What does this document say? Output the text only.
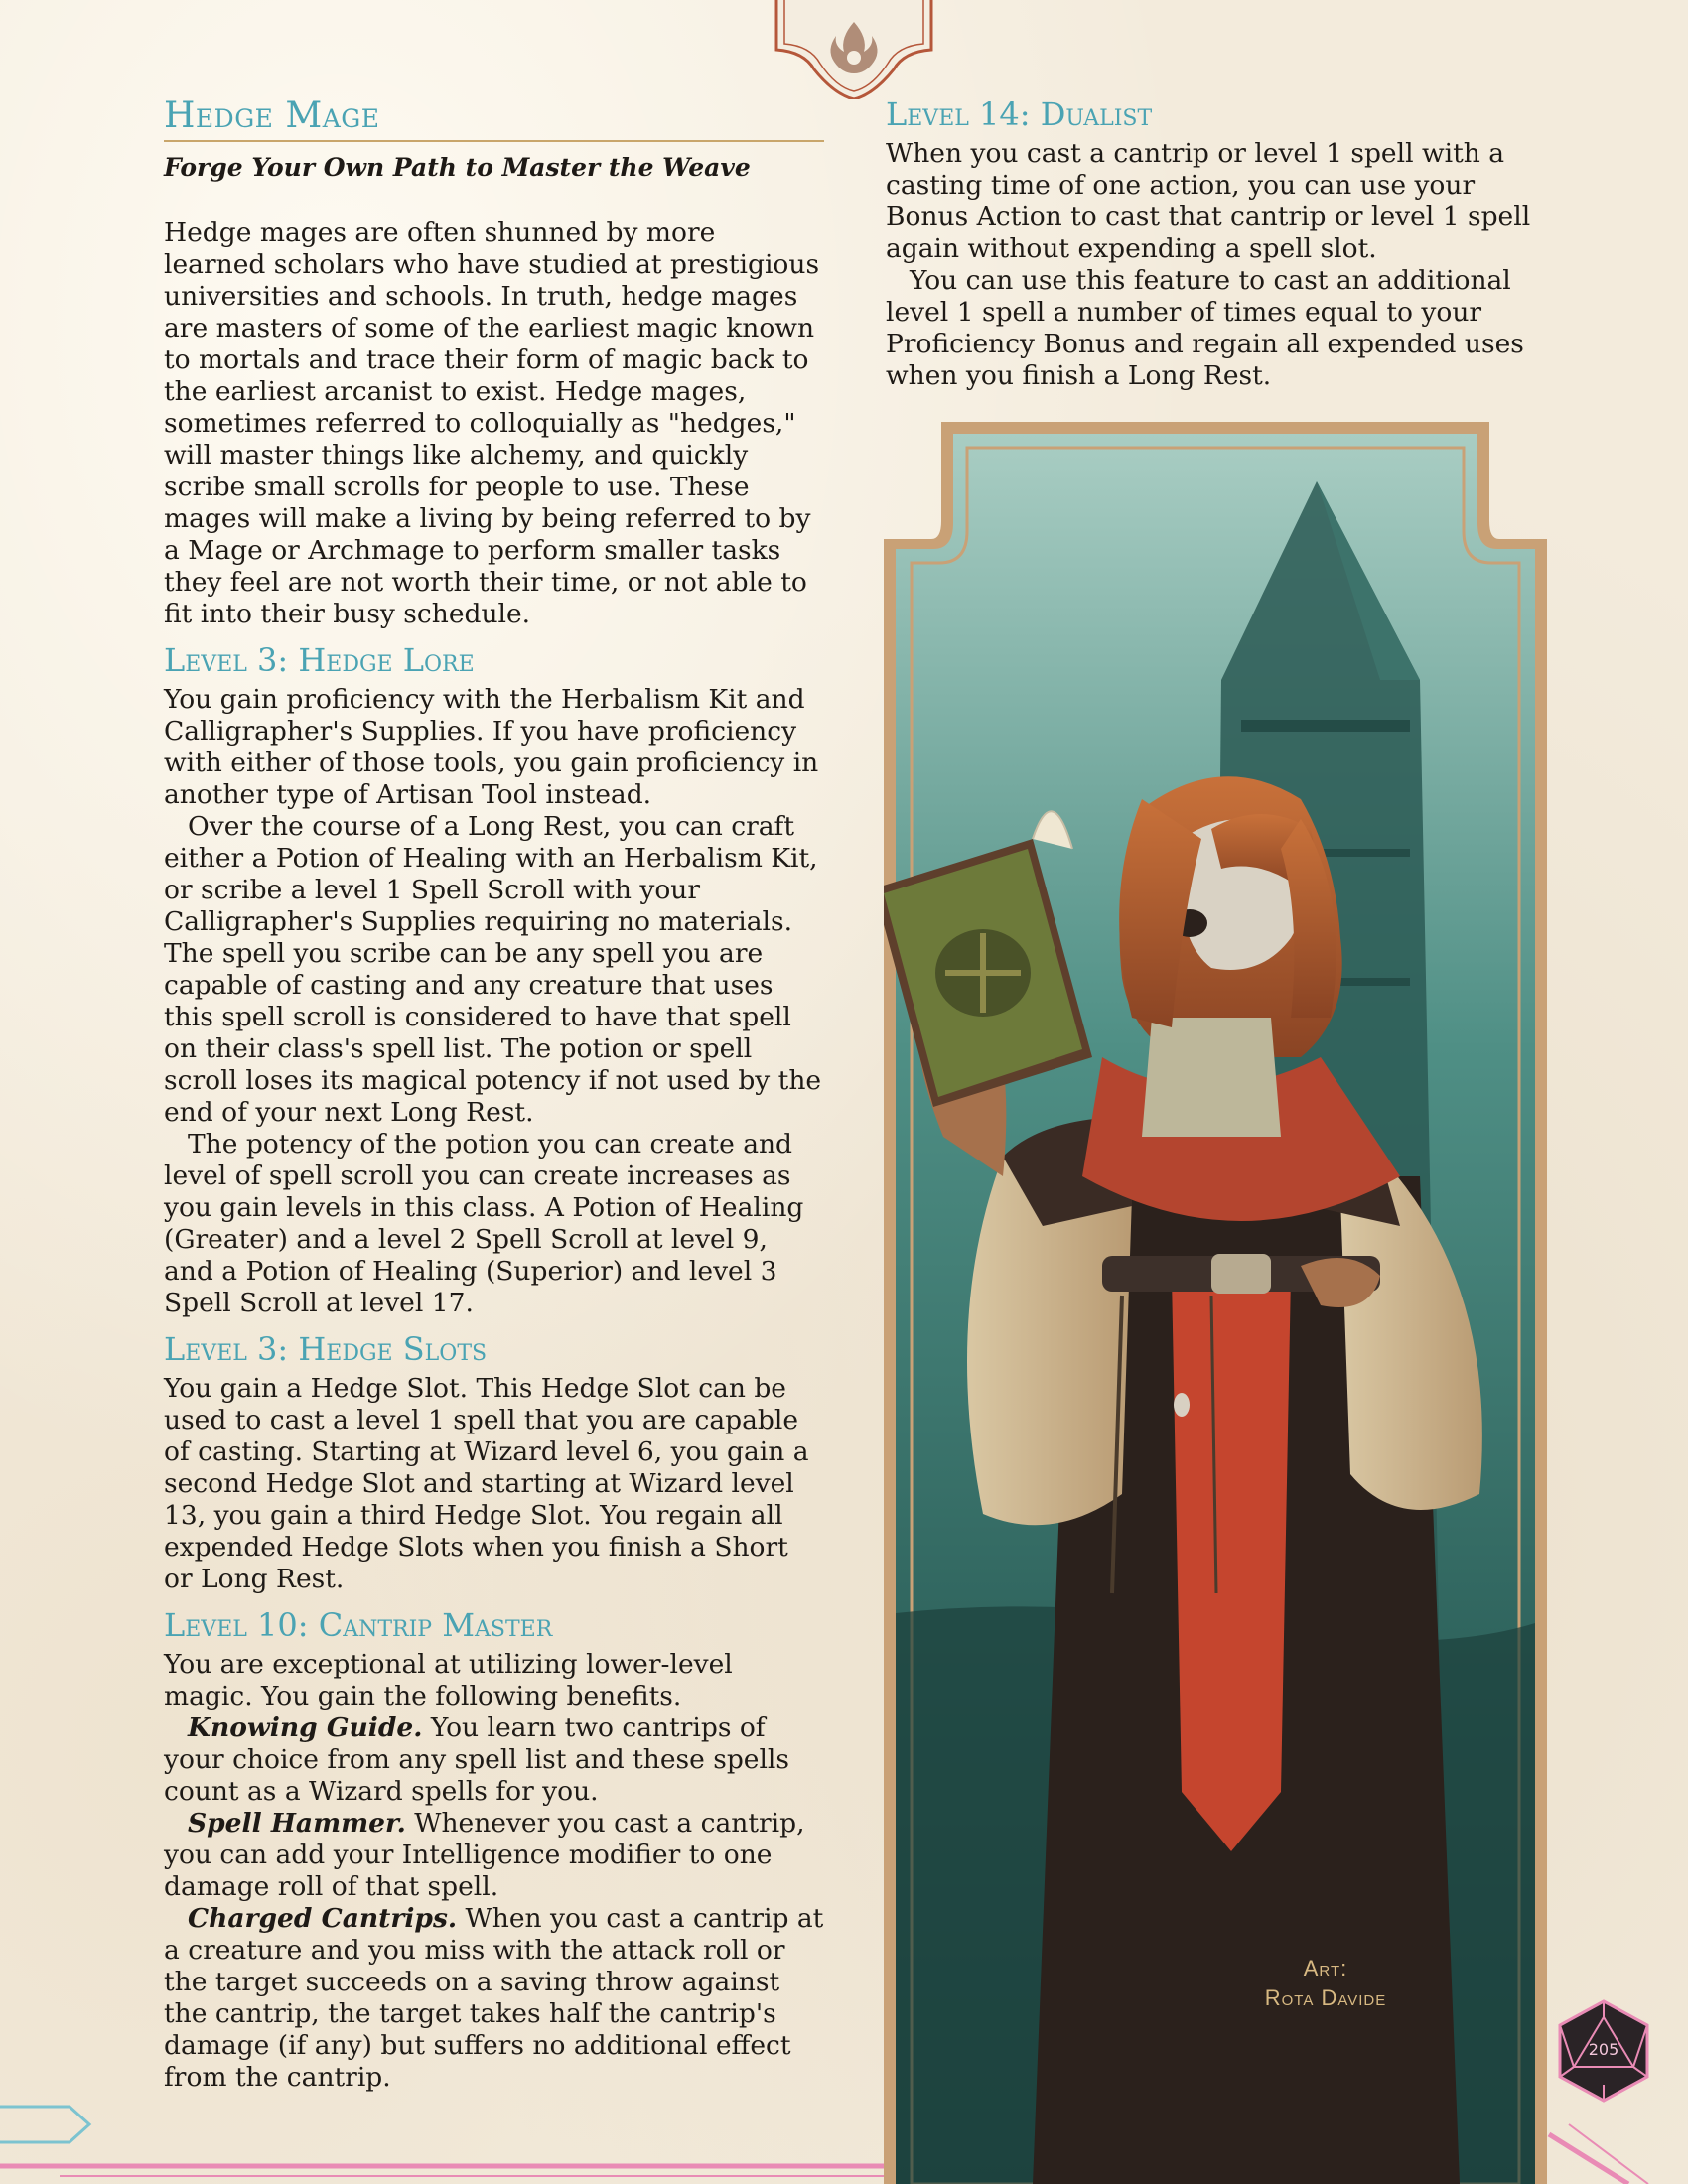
Hedge Mage
Forge Your Own Path to Master the Weave

Hedge mages are often shunned by more learned scholars who have studied at prestigious universities and schools. In truth, hedge mages are masters of some of the earliest magic known to mortals and trace their form of magic back to the earliest arcanist to exist. Hedge mages, sometimes referred to colloquially as "hedges," will master things like alchemy, and quickly scribe small scrolls for people to use. These mages will make a living by being referred to by a Mage or Archmage to perform smaller tasks they feel are not worth their time, or not able to fit into their busy schedule.

Level 3: Hedge Lore

You gain proficiency with the Herbalism Kit and Calligrapher's Supplies. If you have proficiency with either of those tools, you gain proficiency in another type of Artisan Tool instead.

Over the course of a Long Rest, you can craft either a Potion of Healing with an Herbalism Kit, or scribe a level 1 Spell Scroll with your Calligrapher's Supplies requiring no materials. The spell you scribe can be any spell you are capable of casting and any creature that uses this spell scroll is considered to have that spell on their class's spell list. The potion or spell scroll loses its magical potency if not used by the end of your next Long Rest.

The potency of the potion you can create and level of spell scroll you can create increases as you gain levels in this class. A Potion of Healing (Greater) and a level 2 Spell Scroll at level 9, and a Potion of Healing (Superior) and level 3 Spell Scroll at level 17.

Level 3: Hedge Slots

You gain a Hedge Slot. This Hedge Slot can be used to cast a level 1 spell that you are capable of casting. Starting at Wizard level 6, you gain a second Hedge Slot and starting at Wizard level 13, you gain a third Hedge Slot. You regain all expended Hedge Slots when you finish a Short or Long Rest.

Level 10: Cantrip Master

You are exceptional at utilizing lower-level magic. You gain the following benefits.

Knowing Guide. You learn two cantrips of your choice from any spell list and these spells count as a Wizard spells for you.

Spell Hammer. Whenever you cast a cantrip, you can add your Intelligence modifier to one damage roll of that spell.

Charged Cantrips. When you cast a cantrip at a creature and you miss with the attack roll or the target succeeds on a saving throw against the cantrip, the target takes half the cantrip's damage (if any) but suffers no additional effect from the cantrip.

Level 14: Dualist

When you cast a cantrip or level 1 spell with a casting time of one action, you can use your Bonus Action to cast that cantrip or level 1 spell again without expending a spell slot.

You can use this feature to cast an additional level 1 spell a number of times equal to your Proficiency Bonus and regain all expended uses when you finish a Long Rest.

Art:
Rota Davide
205
